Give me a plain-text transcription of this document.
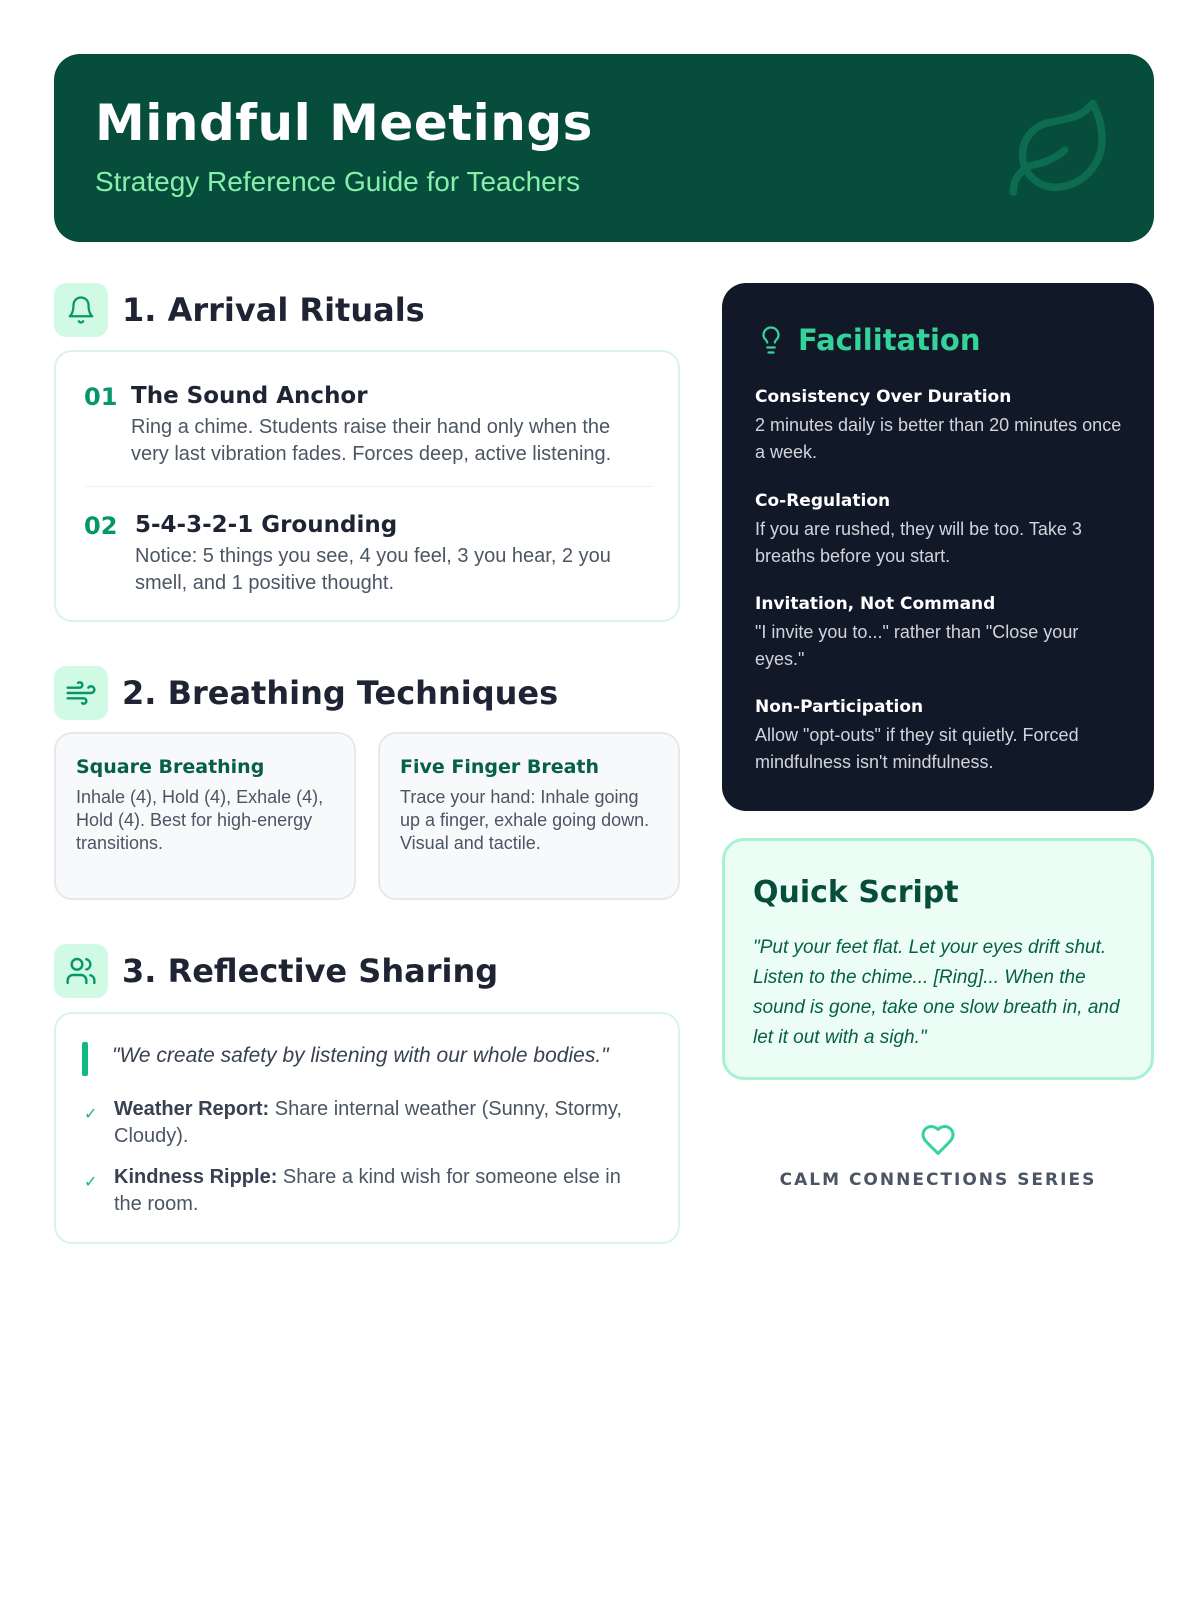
Mindful Meetings
Strategy Reference Guide for Teachers
1. Arrival Rituals
01 The Sound Anchor
Ring a chime. Students raise their hand only when the very last vibration fades. Forces deep, active listening.
02 5-4-3-2-1 Grounding
Notice: 5 things you see, 4 you feel, 3 you hear, 2 you smell, and 1 positive thought.
2. Breathing Techniques
Square Breathing
Inhale (4), Hold (4), Exhale (4), Hold (4). Best for high-energy transitions.
Five Finger Breath
Trace your hand: Inhale going up a finger, exhale going down. Visual and tactile.
3. Reflective Sharing
"We create safety by listening with our whole bodies."
✓ Weather Report: Share internal weather (Sunny, Stormy, Cloudy).
✓ Kindness Ripple: Share a kind wish for someone else in the room.
Facilitation
Consistency Over Duration
2 minutes daily is better than 20 minutes once a week.
Co-Regulation
If you are rushed, they will be too. Take 3 breaths before you start.
Invitation, Not Command
"I invite you to..." rather than "Close your eyes."
Non-Participation
Allow "opt-outs" if they sit quietly. Forced mindfulness isn't mindfulness.
Quick Script
"Put your feet flat. Let your eyes drift shut. Listen to the chime... [Ring]... When the sound is gone, take one slow breath in, and let it out with a sigh."
CALM CONNECTIONS SERIES
